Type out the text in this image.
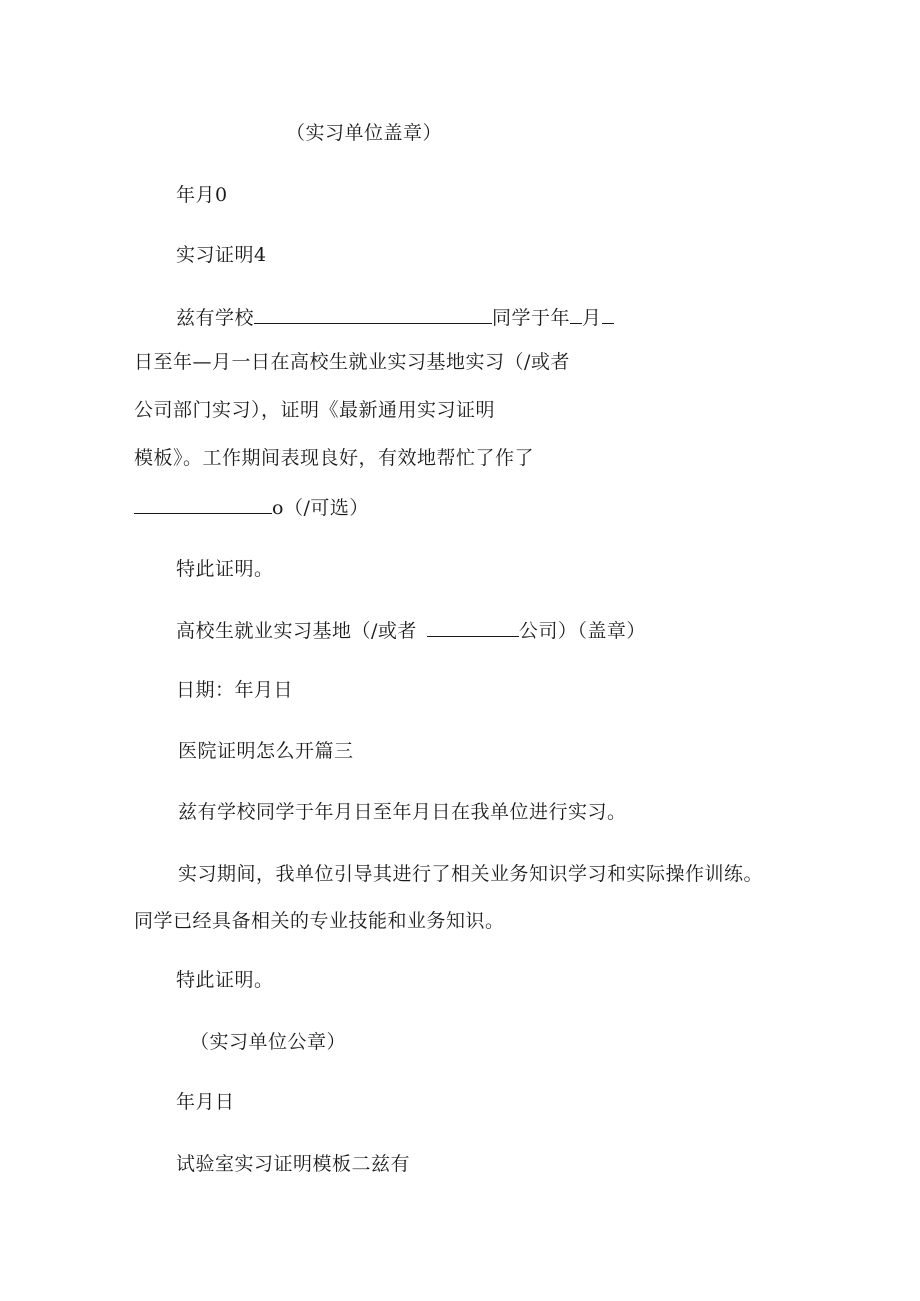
（实习单位盖章）
年月0
实习证明4
兹有学校	同学于年 月
日至年—月一日在高校生就业实习基地实习（/或者
公司部门实习），证明《最新通用实习证明
模板》。工作期间表现良好，有效地帮忙了作了
o（/可选）
特此证明。
高校生就业实习基地（/或者	公司）（盖章）
日期：年月日
医院证明怎么开篇三
兹有学校同学于年月日至年月日在我单位进行实习。
实习期间，我单位引导其进行了相关业务知识学习和实际操作训练。
同学已经具备相关的专业技能和业务知识。
特此证明。
（实习单位公章）
年月日
试验室实习证明模板二兹有
